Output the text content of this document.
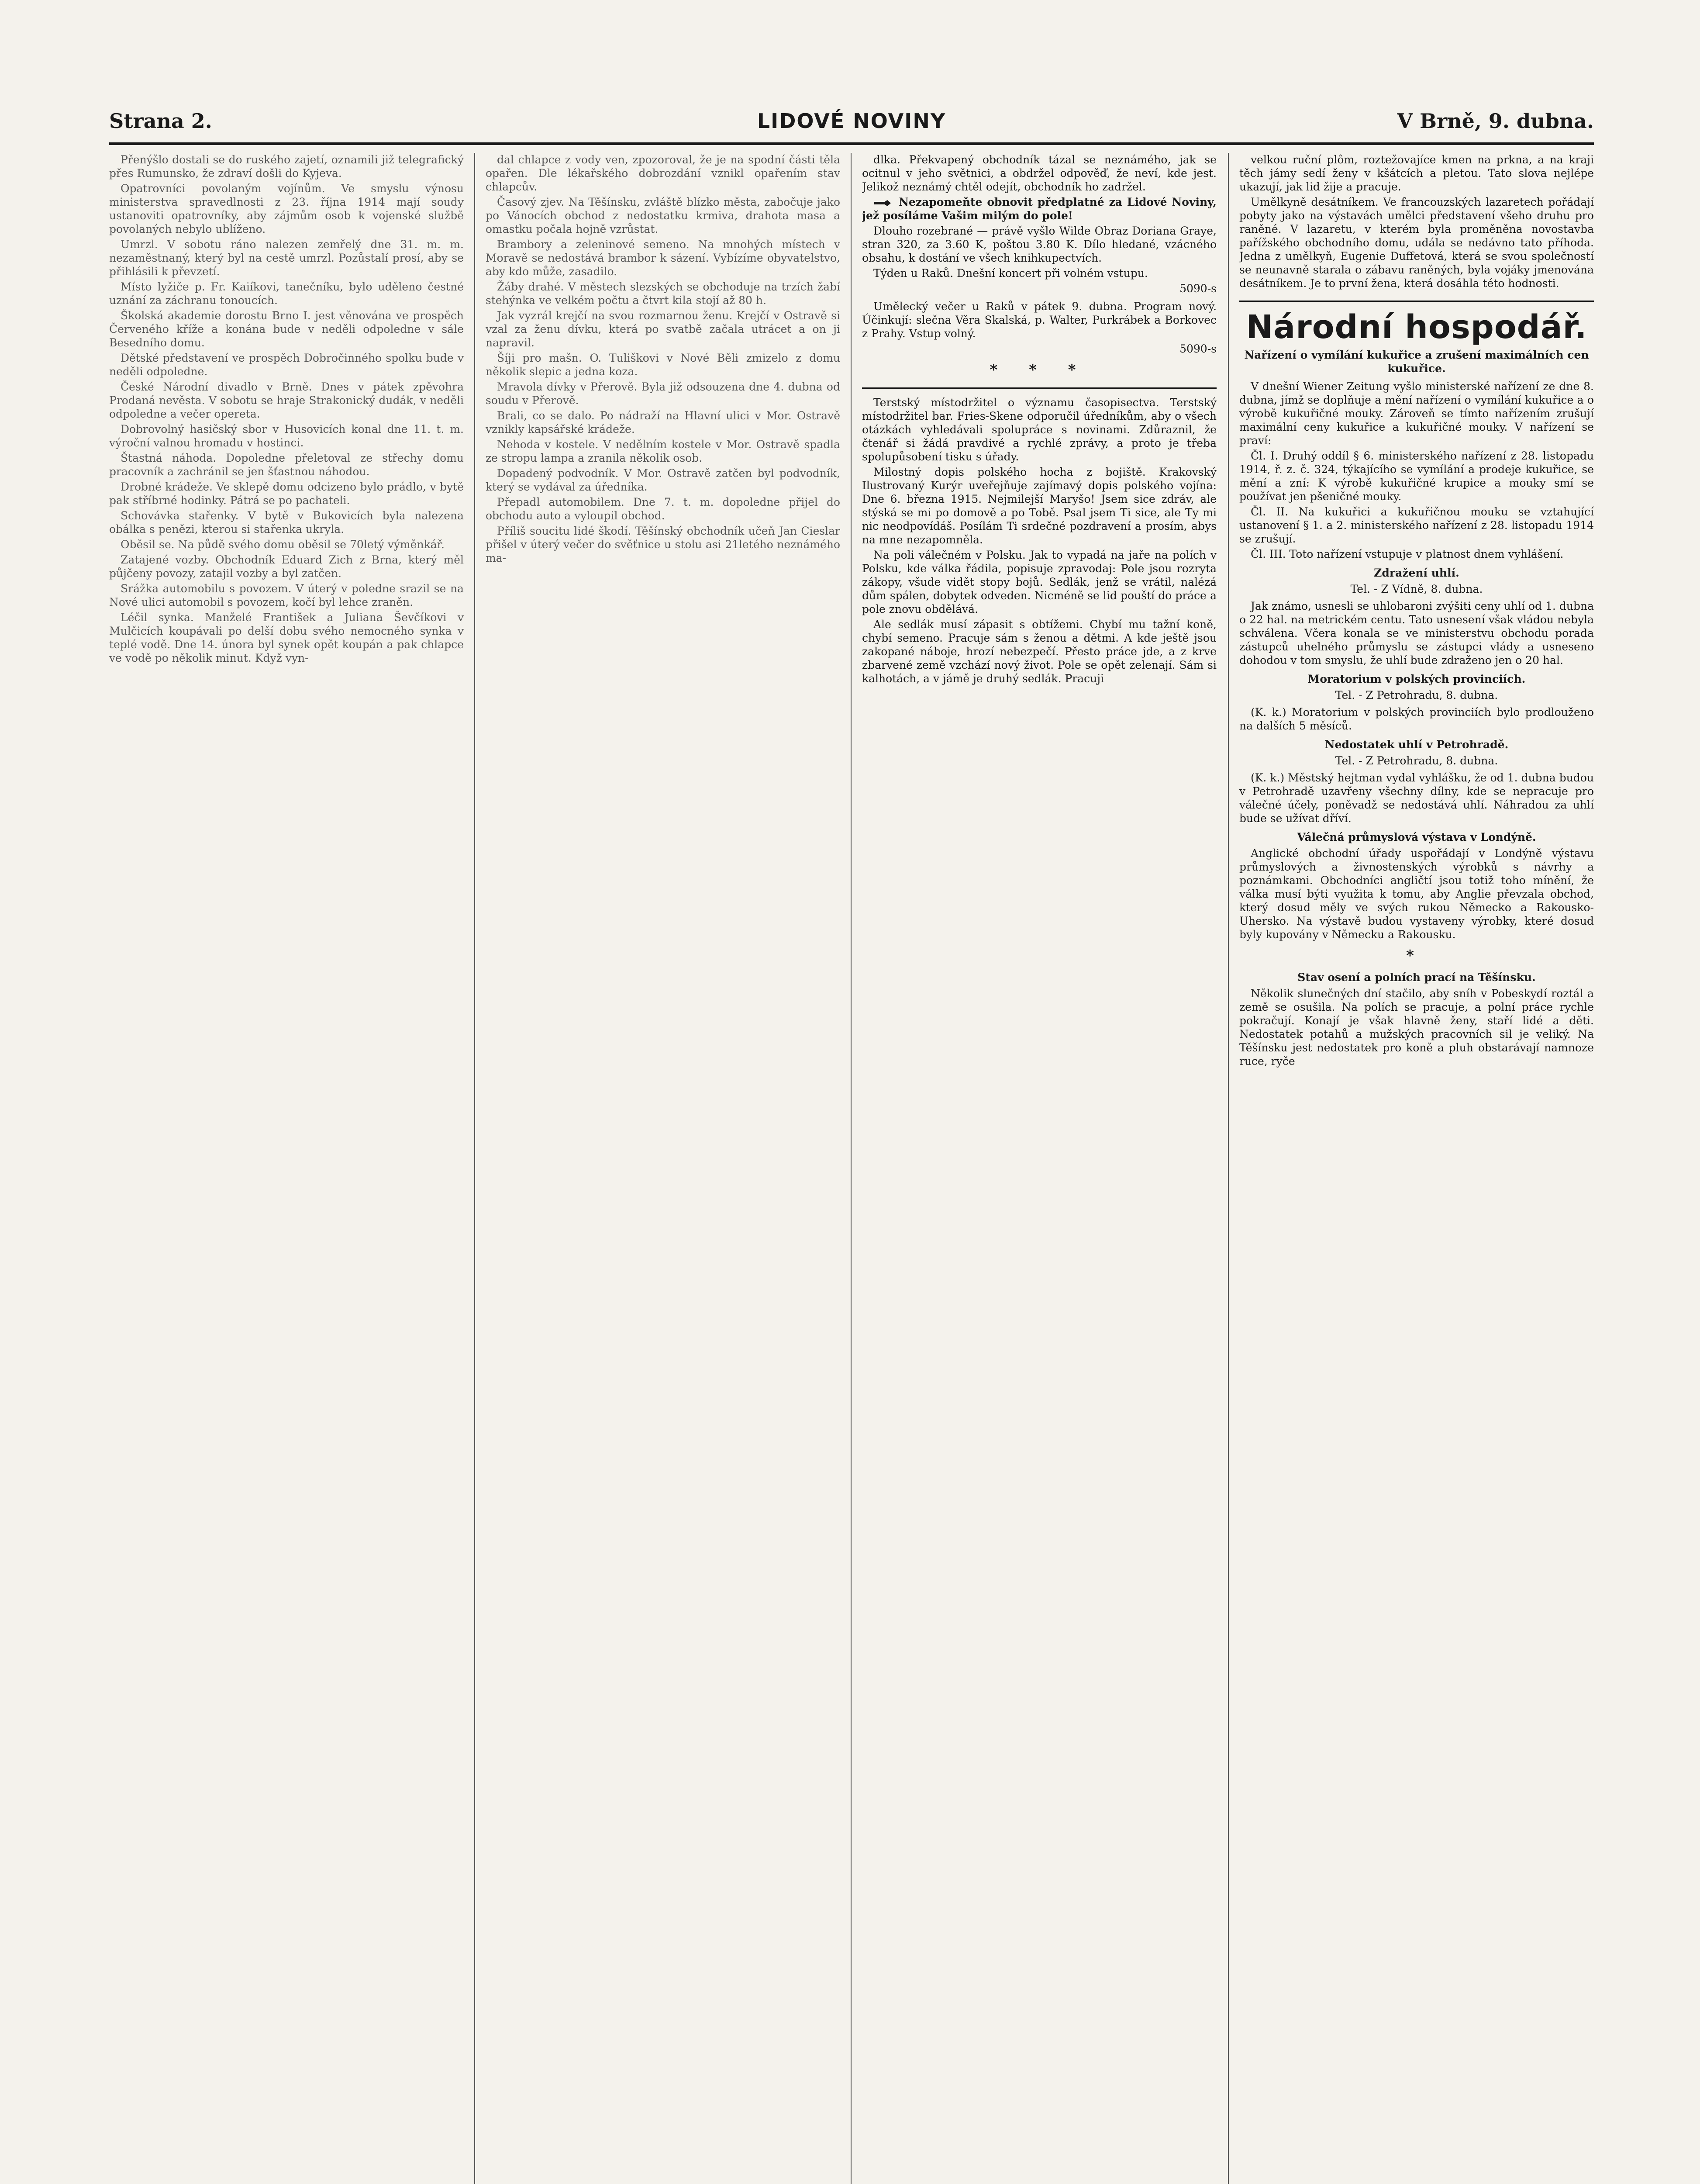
Strana 2.	LIDOVÉ NOVINY	V Brně, 9. dubna.

Přenýšlo dostali se do ruského zajetí, oznamili již telegrafický přes Rumunsko, že zdraví došli do Kyjeva.

Opatrovníci povolaným vojínům. Ve smyslu výnosu ministerstva spravedlnosti z 23. října 1914 mají soudy ustanoviti opatrovníky, aby zájmům osob k vojenské službě povolaných nebylo ublíženo.

Umrzl. V sobotu ráno nalezen zemřelý dne 31. m. m. nezaměstnaný, který byl na cestě umrzl. Pozůstalí prosí, aby se přihlásili k převzetí.

Místo lyžiče p. Fr. Kaiíkovi, tanečníku, bylo uděleno čestné uznání za záchranu tonoucích.

Školská akademie dorostu Brno I. jest věnována ve prospěch Červeného kříže a konána bude v neděli odpoledne v sále Besedního domu.

Dětské představení ve prospěch Dobročinného spolku bude v neděli odpoledne.

České Národní divadlo v Brně. Dnes v pátek zpěvohra Prodaná nevěsta. V sobotu se hraje Strakonický dudák, v neděli odpoledne a večer opereta.

Dobrovolný hasičský sbor v Husovicích konal dne 11. t. m. výroční valnou hromadu v hostinci.

Štastná náhoda. Dopoledne přeletoval ze střechy domu pracovník a zachránil se jen šťastnou náhodou.

Drobné krádeže. Ve sklepě domu odcizeno bylo prádlo, v bytě pak stříbrné hodinky. Pátrá se po pachateli.

Schovávka stařenky. V bytě v Bukovicích byla nalezena obálka s penězi, kterou si stařenka ukryla.

Oběsil se. Na půdě svého domu oběsil se 70letý výměnkář.

Zatajené vozby. Obchodník Eduard Zich z Brna, který měl půjčeny povozy, zatajil vozby a byl zatčen.

Srážka automobilu s povozem. V úterý v poledne srazil se na Nové ulici automobil s povozem, kočí byl lehce zraněn.

Léčil synka. Manželé František a Juliana Ševčíkovi v Mulčicích koupávali po delší dobu svého nemocného synka v teplé vodě. Dne 14. února byl synek opět koupán a pak chlapce ve vodě po několik minut. Když vyn-

dal chlapce z vody ven, zpozoroval, že je na spodní části těla opařen. Dle lékařského dobrozdání vznikl opařením stav chlapcův.

Časový zjev. Na Těšínsku, zvláště blízko města, zabočuje jako po Vánocích obchod z nedostatku krmiva, drahota masa a omastku počala hojně vzrůstat.

Brambory a zeleninové semeno. Na mnohých místech v Moravě se nedostává brambor k sázení. Vybízíme obyvatelstvo, aby kdo může, zasadilo.

Žáby drahé. V městech slezských se obchoduje na trzích žabí stehýnka ve velkém počtu a čtvrt kila stojí až 80 h.

Jak vyzrál krejčí na svou rozmarnou ženu. Krejčí v Ostravě si vzal za ženu dívku, která po svatbě začala utrácet a on ji napravil.

Šíji pro mašn. O. Tuliškovi v Nové Běli zmizelo z domu několik slepic a jedna koza.

Mravola dívky v Přerově. Byla již odsouzena dne 4. dubna od soudu v Přerově.

Brali, co se dalo. Po nádraží na Hlavní ulici v Mor. Ostravě vznikly kapsářské krádeže.

Nehoda v kostele. V nedělním kostele v Mor. Ostravě spadla ze stropu lampa a zranila několik osob.

Dopadený podvodník. V Mor. Ostravě zatčen byl podvodník, který se vydával za úředníka.

Přepadl automobilem. Dne 7. t. m. dopoledne přijel do obchodu auto a vyloupil obchod.

Příliš soucitu lidé škodí. Těšínský obchodník učeň Jan Cieslar přišel v úterý večer do svěťnice u stolu asi 21letého neznámého ma-

dlka. Překvapený obchodník tázal se neznámého, jak se ocitnul v jeho světnici, a obdržel odpověď, že neví, kde jest. Jelikož neznámý chtěl odejít, obchodník ho zadržel.

Nezapomeňte obnovit předplatné za Lidové Noviny, jež posíláme Vašim milým do pole!

Dlouho rozebrané — právě vyšlo Wilde Obraz Doriana Graye, stran 320, za 3.60 K, poštou 3.80 K. Dílo hledané, vzácného obsahu, k dostání ve všech knihkupectvích.

Týden u Raků. Dnešní koncert při volném vstupu.

5090-s

Umělecký večer u Raků v pátek 9. dubna. Program nový. Účinkují: slečna Věra Skalská, p. Walter, Purkrábek a Borkovec z Prahy. Vstup volný.

5090-s
* * *

Terstský místodržitel o významu časopisectva. Terstský místodržitel bar. Fries-Skene odporučil úředníkům, aby o všech otázkách vyhledávali spolupráce s novinami. Zdůraznil, že čtenář si žádá pravdivé a rychlé zprávy, a proto je třeba spolupůsobení tisku s úřady.

Milostný dopis polského hocha z bojiště. Krakovský Ilustrovaný Kurýr uveřejňuje zajímavý dopis polského vojína: Dne 6. března 1915. Nejmilejší Maryšo! Jsem sice zdráv, ale stýská se mi po domově a po Tobě. Psal jsem Ti sice, ale Ty mi nic neodpovídáš. Posílám Ti srdečné pozdravení a prosím, abys na mne nezapomněla.

Na poli válečném v Polsku. Jak to vypadá na jaře na polích v Polsku, kde válka řádila, popisuje zpravodaj: Pole jsou rozryta zákopy, všude vidět stopy bojů. Sedlák, jenž se vrátil, nalézá dům spálen, dobytek odveden. Nicméně se lid pouští do práce a pole znovu obdělává.

Ale sedlák musí zápasit s obtížemi. Chybí mu tažní koně, chybí semeno. Pracuje sám s ženou a dětmi. A kde ještě jsou zakopané náboje, hrozí nebezpečí. Přesto práce jde, a z krve zbarvené země vzchází nový život. Pole se opět zelenají. Sám si kalhotách, a v jámě je druhý sedlák. Pracuji

velkou ruční plôm, roztežovajíce kmen na prkna, a na kraji těch jámy sedí ženy v kšátcích a pletou. Tato slova nejlépe ukazují, jak lid žije a pracuje.

Umělkyně desátníkem. Ve francouzských lazaretech pořádají pobyty jako na výstavách umělci představení všeho druhu pro raněné. V lazaretu, v kterém byla proměněna novostavba pařížského obchodního domu, udála se nedávno tato příhoda. Jedna z umělkyň, Eugenie Duffetová, která se svou společností se neunavně starala o zábavu raněných, byla vojáky jmenována desátníkem. Je to první žena, která dosáhla této hodnosti.

Národní hospodář.
Nařízení o vymílání kukuřice a zrušení maximálních cen kukuřice.

V dnešní Wiener Zeitung vyšlo ministerské nařízení ze dne 8. dubna, jímž se doplňuje a mění nařízení o vymílání kukuřice a o výrobě kukuřičné mouky. Zároveň se tímto nařízením zrušují maximální ceny kukuřice a kukuřičné mouky. V nařízení se praví:

Čl. I. Druhý oddíl § 6. ministerského nařízení z 28. listopadu 1914, ř. z. č. 324, týkajícího se vymílání a prodeje kukuřice, se mění a zní: K výrobě kukuřičné krupice a mouky smí se používat jen pšeničné mouky.

Čl. II. Na kukuřici a kukuřičnou mouku se vztahující ustanovení § 1. a 2. ministerského nařízení z 28. listopadu 1914 se zrušují.

Čl. III. Toto nařízení vstupuje v platnost dnem vyhlášení.

Zdražení uhlí.
Tel. - Z Vídně, 8. dubna.

Jak známo, usnesli se uhlobaroni zvýšiti ceny uhlí od 1. dubna o 22 hal. na metrickém centu. Tato usnesení však vládou nebyla schválena. Včera konala se ve ministerstvu obchodu porada zástupců uhelného průmyslu se zástupci vlády a usneseno dohodou v tom smyslu, že uhlí bude zdraženo jen o 20 hal.

Moratorium v polských provinciích.
Tel. - Z Petrohradu, 8. dubna.

(K. k.) Moratorium v polských provinciích bylo prodlouženo na dalších 5 měsíců.

Nedostatek uhlí v Petrohradě.
Tel. - Z Petrohradu, 8. dubna.

(K. k.) Městský hejtman vydal vyhlášku, že od 1. dubna budou v Petrohradě uzavřeny všechny dílny, kde se nepracuje pro válečné účely, poněvadž se nedostává uhlí. Náhradou za uhlí bude se užívat dříví.

Válečná průmyslová výstava v Londýně.

Anglické obchodní úřady uspořádají v Londýně výstavu průmyslových a živnostenských výrobků s návrhy a poznámkami. Obchodníci angličtí jsou totiž toho mínění, že válka musí býti využita k tomu, aby Anglie převzala obchod, který dosud měly ve svých rukou Německo a Rakousko-Uhersko. Na výstavě budou vystaveny výrobky, které dosud byly kupovány v Německu a Rakousku.

*
Stav osení a polních prací na Těšínsku.

Několik slunečných dní stačilo, aby sníh v Pobeskydí roztál a země se osušila. Na polích se pracuje, a polní práce rychle pokračují. Konají je však hlavně ženy, staří lidé a děti. Nedostatek potahů a mužských pracovních sil je veliký. Na Těšínsku jest nedostatek pro koně a pluh obstarávají namnoze ruce, ryče
